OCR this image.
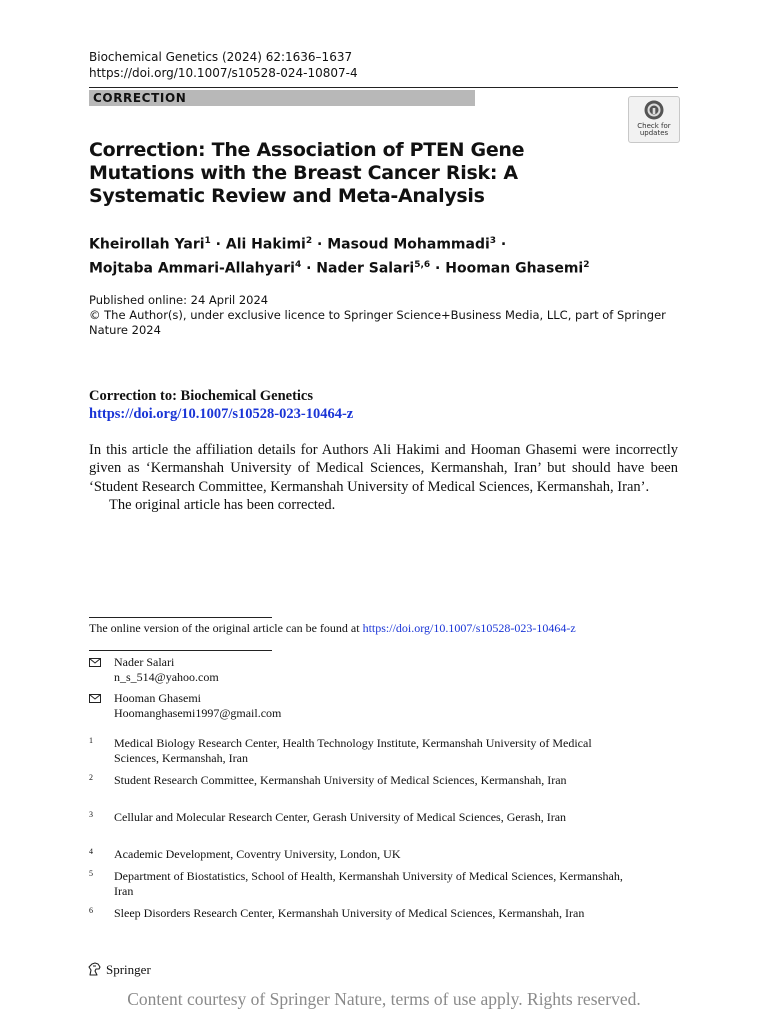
Biochemical Genetics (2024) 62:1636–1637
https://doi.org/10.1007/s10528-024-10807-4
CORRECTION
Check for
updates
Correction: The Association of PTEN Gene Mutations with the Breast Cancer Risk: A Systematic Review and Meta-Analysis
Kheirollah Yari$^1$ · Ali Hakimi$^2$ · Masoud Mohammadi$^3$ ·
Mojtaba Ammari-Allahyari$^4$ · Nader Salari$^{5,6}$ · Hooman Ghasemi$^2$
Published online: 24 April 2024
© The Author(s), under exclusive licence to Springer Science+Business Media, LLC, part of Springer Nature 2024
Correction to: Biochemical Genetics
https://doi.org/10.1007/s10528-023-10464-z

In this article the affiliation details for Authors Ali Hakimi and Hooman Ghasemi were incorrectly given as ‘Kermanshah University of Medical Sciences, Kermanshah, Iran’ but should have been ‘Student Research Committee, Kermanshah University of Medical Sciences, Kermanshah, Iran’.

The original article has been corrected.

The online version of the original article can be found at https://doi.org/10.1007/s10528-023-10464-z
Nader Salari
n_s_514@yahoo.com
Hooman Ghasemi
Hoomanghasemi1997@gmail.com
1 Medical Biology Research Center, Health Technology Institute, Kermanshah University of Medical Sciences, Kermanshah, Iran
2 Student Research Committee, Kermanshah University of Medical Sciences, Kermanshah, Iran
3 Cellular and Molecular Research Center, Gerash University of Medical Sciences, Gerash, Iran
4 Academic Development, Coventry University, London, UK
5 Department of Biostatistics, School of Health, Kermanshah University of Medical Sciences, Kermanshah, Iran
6 Sleep Disorders Research Center, Kermanshah University of Medical Sciences, Kermanshah, Iran
Springer
Content courtesy of Springer Nature, terms of use apply. Rights reserved.
